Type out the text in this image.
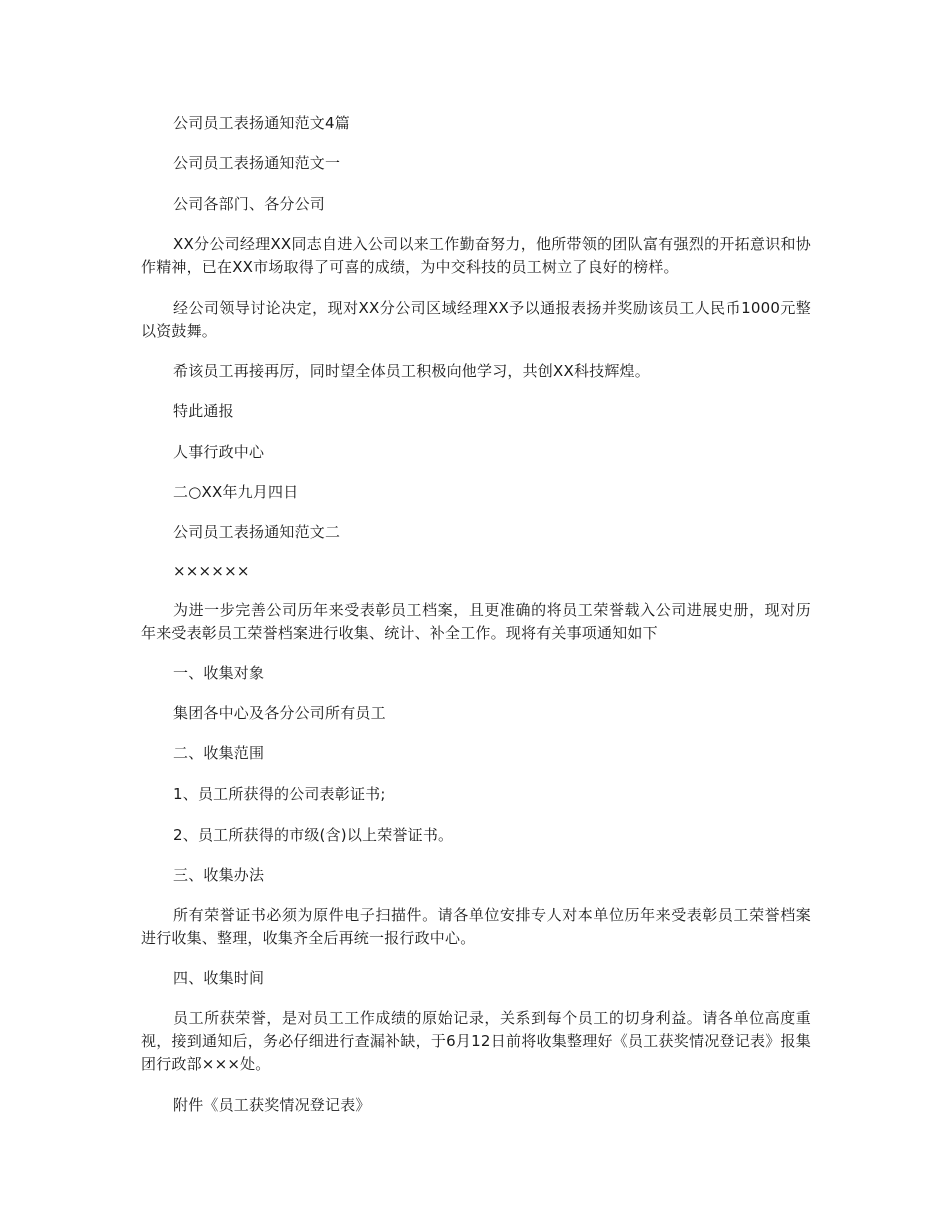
公司员工表扬通知范文4篇

公司员工表扬通知范文一

公司各部门、各分公司

XX分公司经理XX同志自进入公司以来工作勤奋努力，他所带领的团队富有强烈的开拓意识和协作精神，已在XX市场取得了可喜的成绩，为中交科技的员工树立了良好的榜样。

经公司领导讨论决定，现对XX分公司区域经理XX予以通报表扬并奖励该员工人民币1000元整以资鼓舞。

希该员工再接再厉，同时望全体员工积极向他学习，共创XX科技辉煌。

特此通报

人事行政中心

二○XX年九月四日

公司员工表扬通知范文二

××××××

为进一步完善公司历年来受表彰员工档案，且更准确的将员工荣誉载入公司进展史册，现对历年来受表彰员工荣誉档案进行收集、统计、补全工作。现将有关事项通知如下

一、收集对象

集团各中心及各分公司所有员工

二、收集范围

1、员工所获得的公司表彰证书;

2、员工所获得的市级(含)以上荣誉证书。

三、收集办法

所有荣誉证书必须为原件电子扫描件。请各单位安排专人对本单位历年来受表彰员工荣誉档案进行收集、整理，收集齐全后再统一报行政中心。

四、收集时间

员工所获荣誉，是对员工工作成绩的原始记录，关系到每个员工的切身利益。请各单位高度重视，接到通知后，务必仔细进行查漏补缺，于6月12日前将收集整理好《员工获奖情况登记表》报集团行政部×××处。

附件《员工获奖情况登记表》
